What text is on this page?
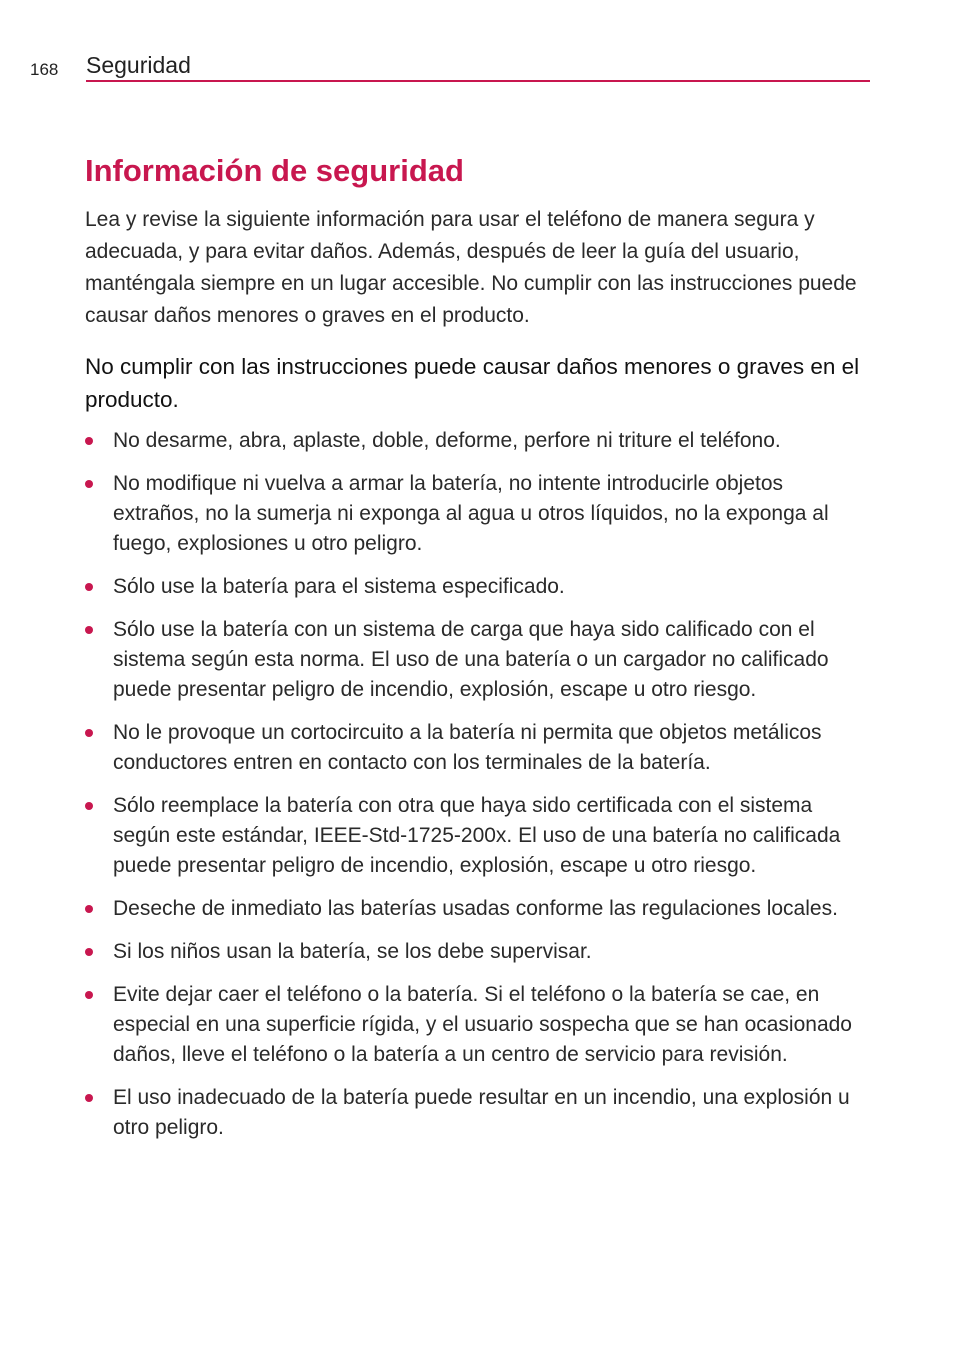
168 Seguridad
Información de seguridad

Lea y revise la siguiente información para usar el teléfono de manera segura y adecuada, y para evitar daños. Además, después de leer la guía del usuario, manténgala siempre en un lugar accesible. No cumplir con las instrucciones puede causar daños menores o graves en el producto.

No cumplir con las instrucciones puede causar daños menores o graves en el producto.

No desarme, abra, aplaste, doble, deforme, perfore ni triture el teléfono.
No modifique ni vuelva a armar la batería, no intente introducirle objetos extraños, no la sumerja ni exponga al agua u otros líquidos, no la exponga al fuego, explosiones u otro peligro.
Sólo use la batería para el sistema especificado.
Sólo use la batería con un sistema de carga que haya sido calificado con el sistema según esta norma. El uso de una batería o un cargador no calificado puede presentar peligro de incendio, explosión, escape u otro riesgo.
No le provoque un cortocircuito a la batería ni permita que objetos metálicos conductores entren en contacto con los terminales de la batería.
Sólo reemplace la batería con otra que haya sido certificada con el sistema según este estándar, IEEE-Std-1725-200x. El uso de una batería no calificada puede presentar peligro de incendio, explosión, escape u otro riesgo.
Deseche de inmediato las baterías usadas conforme las regulaciones locales.
Si los niños usan la batería, se los debe supervisar.
Evite dejar caer el teléfono o la batería. Si el teléfono o la batería se cae, en especial en una superficie rígida, y el usuario sospecha que se han ocasionado daños, lleve el teléfono o la batería a un centro de servicio para revisión.
El uso inadecuado de la batería puede resultar en un incendio, una explosión u otro peligro.
